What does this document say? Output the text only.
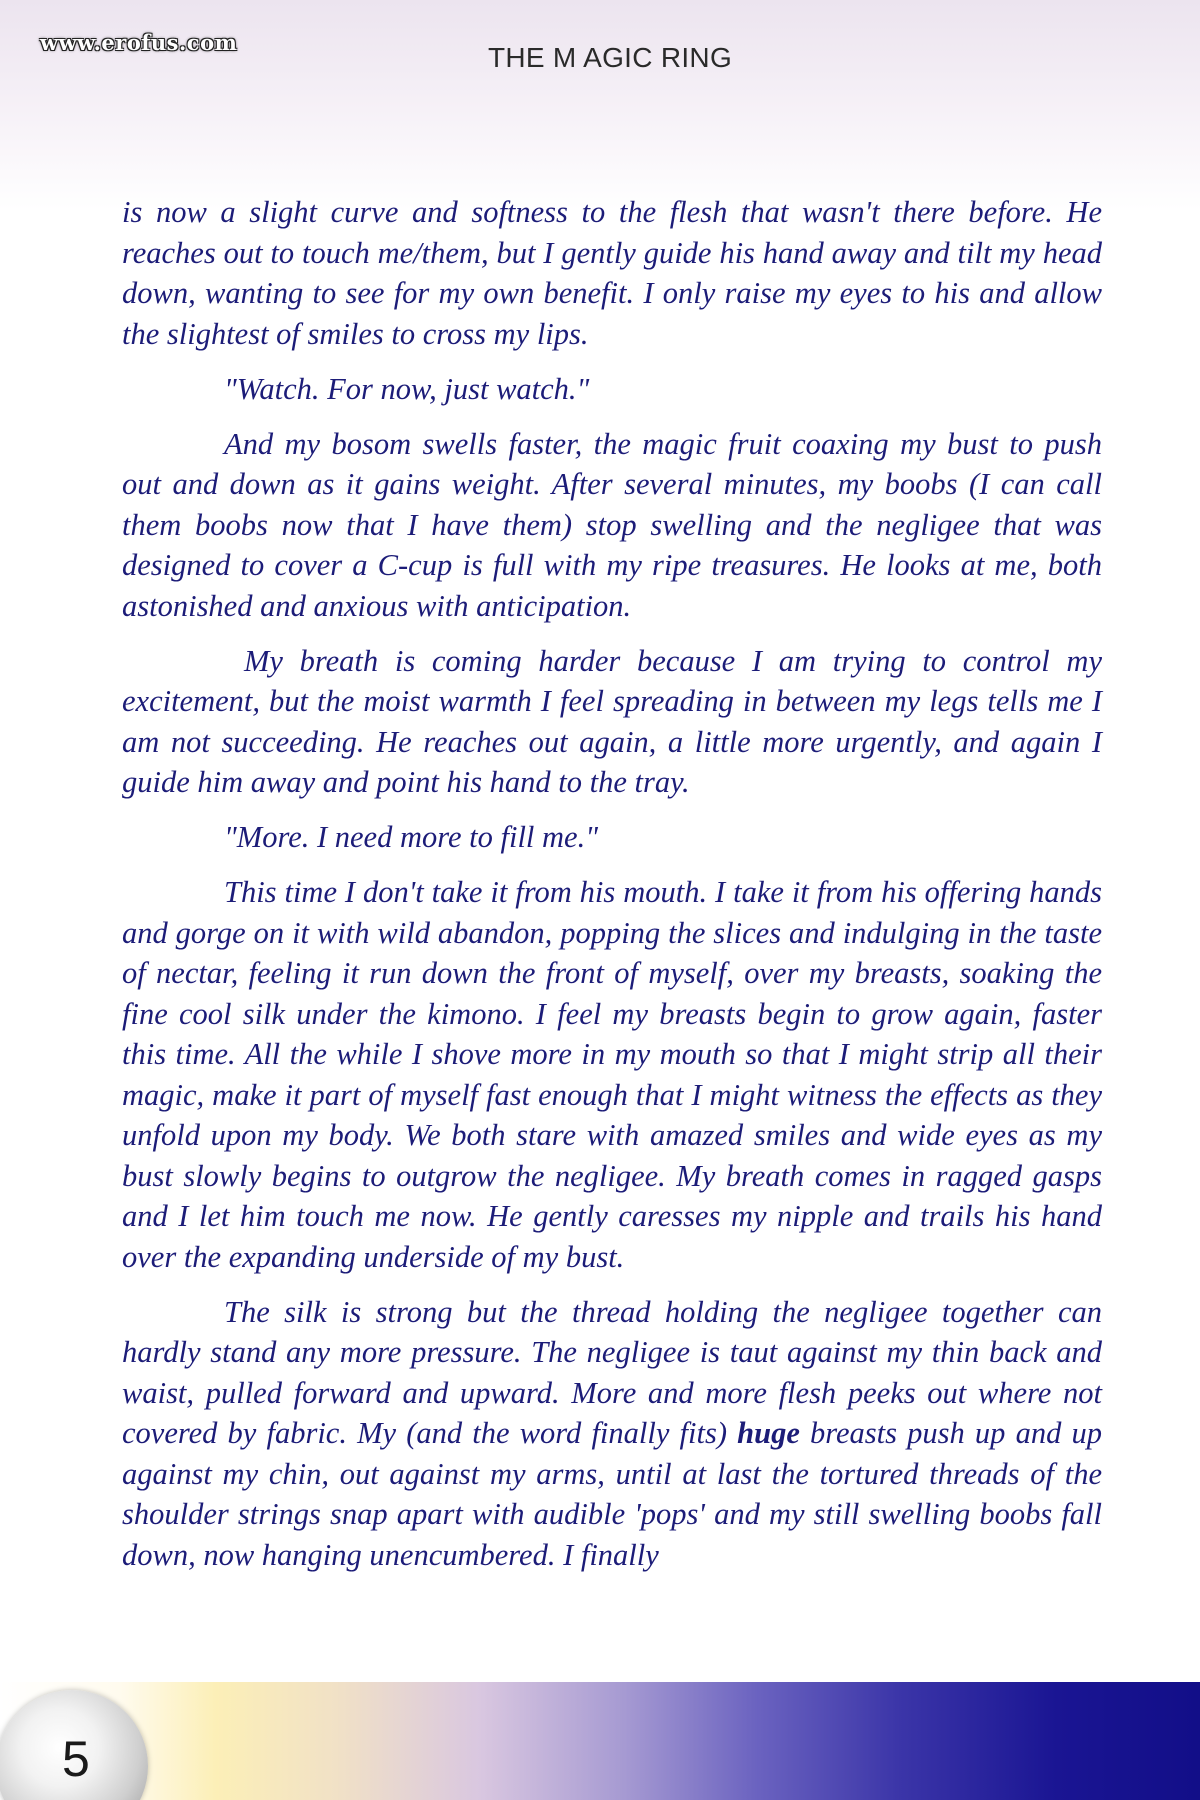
www.erofus.com	THE M AGIC RING

is now a slight curve and softness to the flesh that wasn't there before. He reaches out to touch me/them, but I gently guide his hand away and tilt my head down, wanting to see for my own benefit. I only raise my eyes to his and allow the slightest of smiles to cross my lips.

"Watch. For now, just watch."

And my bosom swells faster, the magic fruit coaxing my bust to push out and down as it gains weight. After several minutes, my boobs (I can call them boobs now that I have them) stop swelling and the negligee that was designed to cover a C-cup is full with my ripe treasures. He looks at me, both astonished and anxious with anticipation.

My breath is coming harder because I am trying to control my excitement, but the moist warmth I feel spreading in between my legs tells me I am not succeeding. He reaches out again, a little more urgently, and again I guide him away and point his hand to the tray.

"More. I need more to fill me."

This time I don't take it from his mouth. I take it from his offering hands and gorge on it with wild abandon, popping the slices and indulging in the taste of nectar, feeling it run down the front of myself, over my breasts, soaking the fine cool silk under the kimono. I feel my breasts begin to grow again, faster this time. All the while I shove more in my mouth so that I might strip all their magic, make it part of myself fast enough that I might witness the effects as they unfold upon my body. We both stare with amazed smiles and wide eyes as my bust slowly begins to outgrow the negligee. My breath comes in ragged gasps and I let him touch me now. He gently caresses my nipple and trails his hand over the expanding underside of my bust.

The silk is strong but the thread holding the negligee together can hardly stand any more pressure. The negligee is taut against my thin back and waist, pulled forward and upward. More and more flesh peeks out where not covered by fabric. My (and the word finally fits) huge breasts push up and up against my chin, out against my arms, until at last the tortured threads of the shoulder strings snap apart with audible 'pops' and my still swelling boobs fall down, now hanging unencumbered. I finally

5
